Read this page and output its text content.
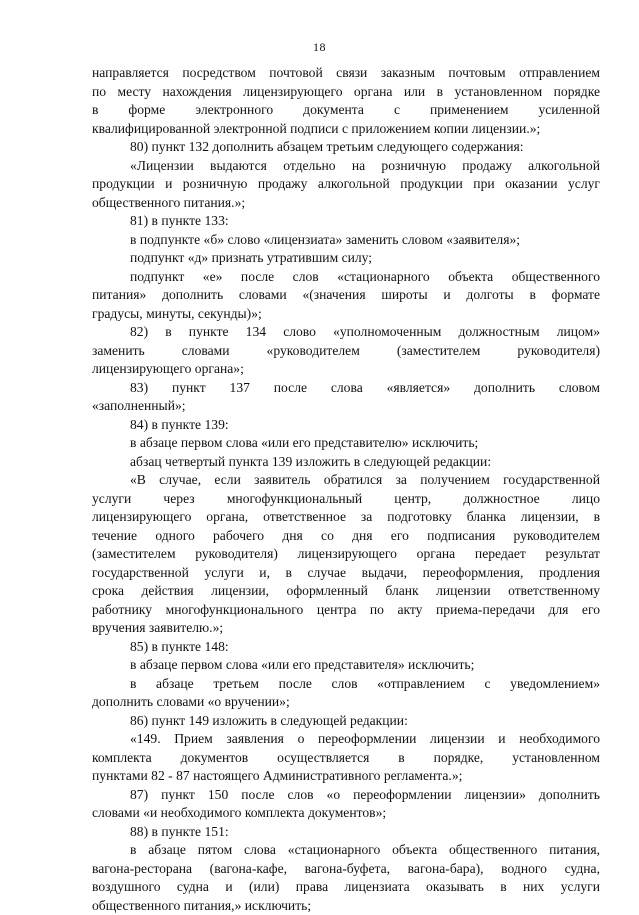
18
направляется посредством почтовой связи заказным почтовым отправлением
по месту нахождения лицензирующего органа или в установленном порядке
в форме электронного документа с применением усиленной
квалифицированной электронной подписи с приложением копии лицензии.»;
80) пункт 132 дополнить абзацем третьим следующего содержания:
«Лицензии выдаются отдельно на розничную продажу алкогольной
продукции и розничную продажу алкогольной продукции при оказании услуг
общественного питания.»;
81) в пункте 133:
в подпункте «б» слово «лицензиата» заменить словом «заявителя»;
подпункт «д» признать утратившим силу;
подпункт «е» после слов «стационарного объекта общественного
питания» дополнить словами «(значения широты и долготы в формате
градусы, минуты, секунды)»;
82) в пункте 134 слово «уполномоченным должностным лицом»
заменить словами «руководителем (заместителем руководителя)
лицензирующего органа»;
83) пункт 137 после слова «является» дополнить словом
«заполненный»;
84) в пункте 139:
в абзаце первом слова «или его представителю» исключить;
абзац четвертый пункта 139 изложить в следующей редакции:
«В случае, если заявитель обратился за получением государственной
услуги через многофункциональный центр, должностное лицо
лицензирующего органа, ответственное за подготовку бланка лицензии, в
течение одного рабочего дня со дня его подписания руководителем
(заместителем руководителя) лицензирующего органа передает результат
государственной услуги и, в случае выдачи, переоформления, продления
срока действия лицензии, оформленный бланк лицензии ответственному
работнику многофункционального центра по акту приема-передачи для его
вручения заявителю.»;
85) в пункте 148:
в абзаце первом слова «или его представителя» исключить;
в абзаце третьем после слов «отправлением с уведомлением»
дополнить словами «о вручении»;
86) пункт 149 изложить в следующей редакции:
«149. Прием заявления о переоформлении лицензии и необходимого
комплекта документов осуществляется в порядке, установленном
пунктами 82 - 87 настоящего Административного регламента.»;
87) пункт 150 после слов «о переоформлении лицензии» дополнить
словами «и необходимого комплекта документов»;
88) в пункте 151:
в абзаце пятом слова «стационарного объекта общественного питания,
вагона-ресторана (вагона-кафе, вагона-буфета, вагона-бара), водного судна,
воздушного судна и (или) права лицензиата оказывать в них услуги
общественного питания,» исключить;
